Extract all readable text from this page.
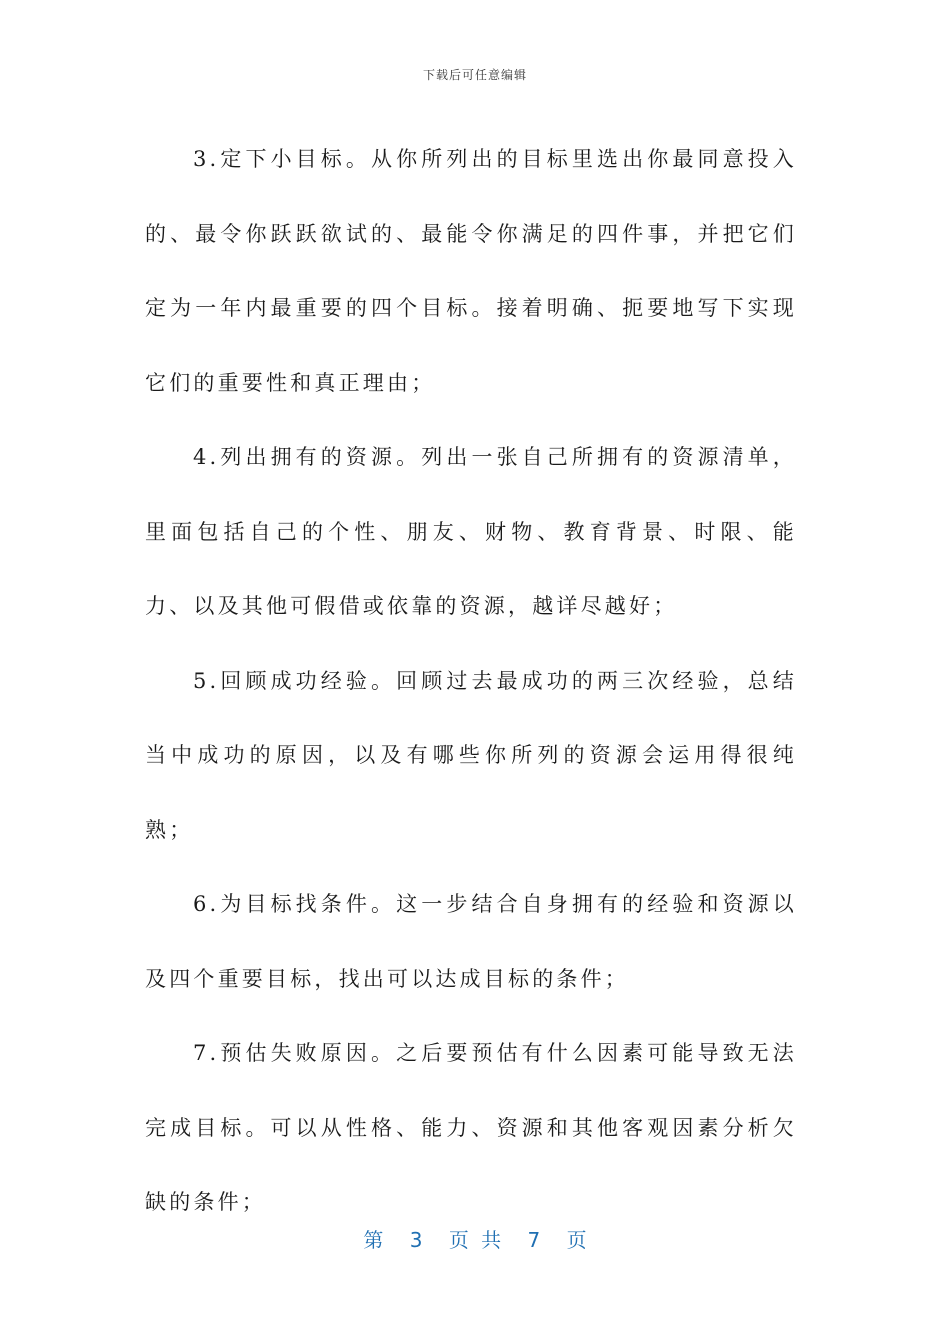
下载后可任意编辑

3.定下小目标。从你所列出的目标里选出你最同意投入的、最令你跃跃欲试的、最能令你满足的四件事，并把它们定为一年内最重要的四个目标。接着明确、扼要地写下实现它们的重要性和真正理由；

4.列出拥有的资源。列出一张自己所拥有的资源清单，里面包括自己的个性、朋友、财物、教育背景、时限、能力、以及其他可假借或依靠的资源，越详尽越好；

5.回顾成功经验。回顾过去最成功的两三次经验，总结当中成功的原因，以及有哪些你所列的资源会运用得很纯熟；

6.为目标找条件。这一步结合自身拥有的经验和资源以及四个重要目标，找出可以达成目标的条件；

7.预估失败原因。之后要预估有什么因素可能导致无法完成目标。可以从性格、能力、资源和其他客观因素分析欠缺的条件；

第 3 页 共 7 页
